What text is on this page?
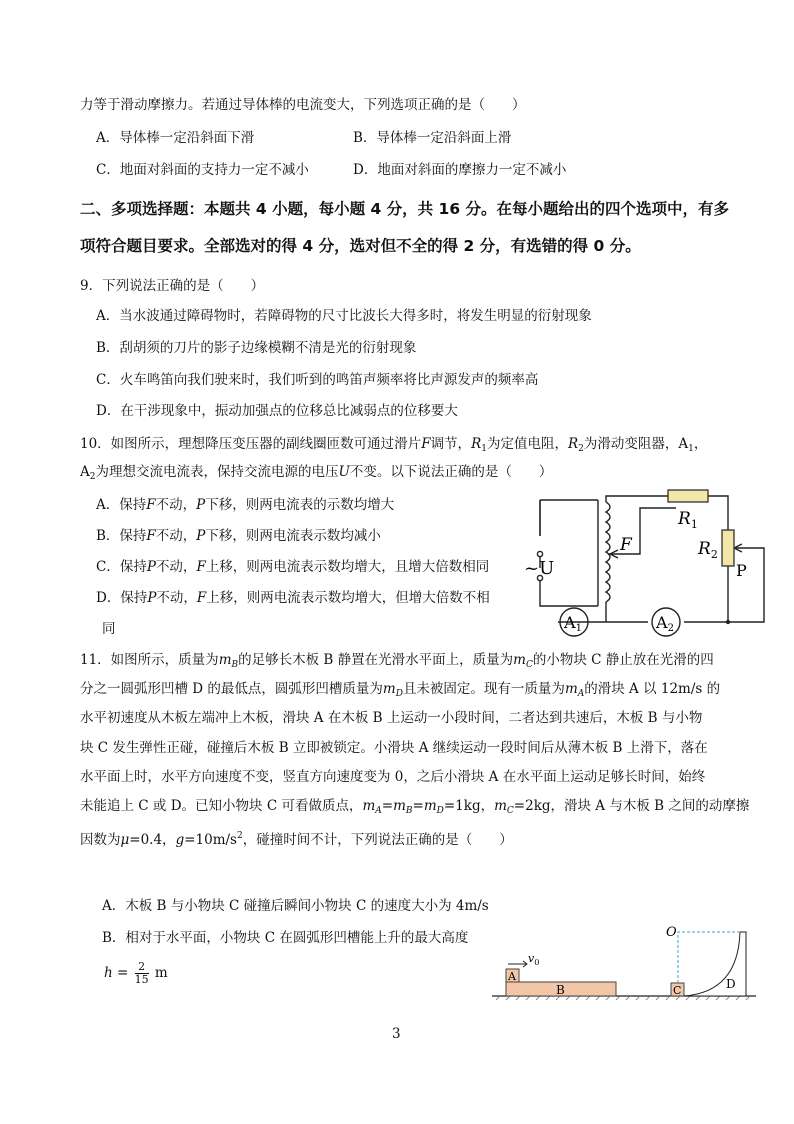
力等于滑动摩擦力。若通过导体棒的电流变大，下列选项正确的是（　　）
A．导体棒一定沿斜面下滑	B．导体棒一定沿斜面上滑
C．地面对斜面的支持力一定不减小	D．地面对斜面的摩擦力一定不减小
二、多项选择题：本题共 4 小题，每小题 4 分，共 16 分。在每小题给出的四个选项中，有多
项符合题目要求。全部选对的得 4 分，选对但不全的得 2 分，有选错的得 0 分。
9．下列说法正确的是（　　）
A．当水波通过障碍物时，若障碍物的尺寸比波长大得多时，将发生明显的衍射现象
B．刮胡须的刀片的影子边缘模糊不清是光的衍射现象
C．火车鸣笛向我们驶来时，我们听到的鸣笛声频率将比声源发声的频率高
D．在干涉现象中，振动加强点的位移总比减弱点的位移要大
10．如图所示，理想降压变压器的副线圈匝数可通过滑片F调节，$R_1$为定值电阻，$R_2$为滑动变阻器，$A_1$，
$A_2$为理想交流电流表，保持交流电源的电压U不变。以下说法正确的是（　　）
A．保持F不动，P下移，则两电流表的示数均增大
B．保持F不动，P下移，则两电流表示数均减小
C．保持P不动，F上移，则两电流表示数均增大，且增大倍数相同
D．保持P不动，F上移，则两电流表示数均增大，但增大倍数不相
同
~U
F
$R_1$
$R_2$
P
A1	A2
11．如图所示，质量为$m_B$的足够长木板 B 静置在光滑水平面上，质量为$m_C$的小物块 C 静止放在光滑的四
分之一圆弧形凹槽 D 的最低点，圆弧形凹槽质量为$m_D$且未被固定。现有一质量为$m_A$的滑块 A 以 12m/s 的
水平初速度从木板左端冲上木板，滑块 A 在木板 B 上运动一小段时间，二者达到共速后，木板 B 与小物
块 C 发生弹性正碰，碰撞后木板 B 立即被锁定。小滑块 A 继续运动一段时间后从薄木板 B 上滑下，落在
水平面上时，水平方向速度不变，竖直方向速度变为 0，之后小滑块 A 在水平面上运动足够长时间，始终
未能追上 C 或 D。已知小物块 C 可看做质点，$m_A=m_B=m_D=1kg$，$m_C=2kg$，滑块 A 与木板 B 之间的动摩擦
因数为μ=0.4，$g=10m/s^2$，碰撞时间不计，下列说法正确的是（　　）
A．木板 B 与小物块 C 碰撞后瞬间小物块 C 的速度大小为 4m/s
B．相对于水平面，小物块 C 在圆弧形凹槽能上升的最大高度
$h = \frac{2}{15}$ m
B
A
$v_0$
C	D
O
3
